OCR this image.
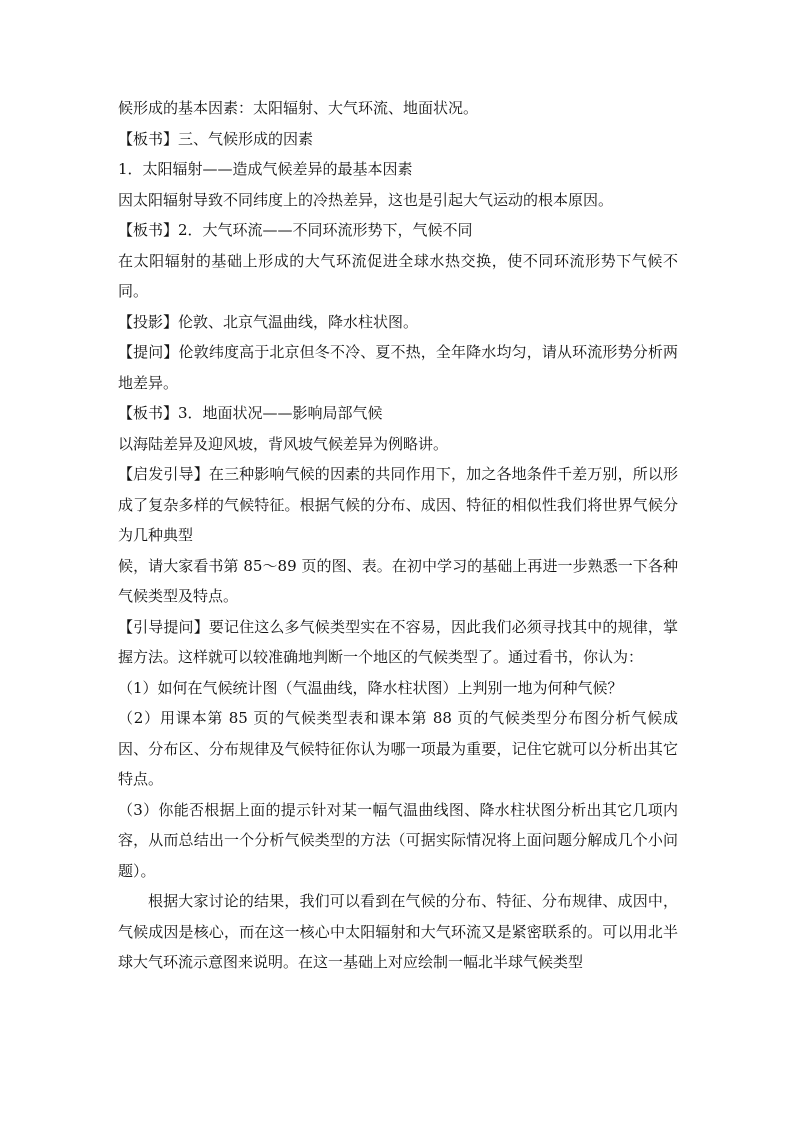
候形成的基本因素：太阳辐射、大气环流、地面状况。

【板书】三、气候形成的因素

1．太阳辐射——造成气候差异的最基本因素

因太阳辐射导致不同纬度上的冷热差异，这也是引起大气运动的根本原因。

【板书】2．大气环流——不同环流形势下，气候不同

在太阳辐射的基础上形成的大气环流促进全球水热交换，使不同环流形势下气候不同。

【投影】伦敦、北京气温曲线，降水柱状图。

【提问】伦敦纬度高于北京但冬不冷、夏不热，全年降水均匀，请从环流形势分析两地差异。

【板书】3．地面状况——影响局部气候

以海陆差异及迎风坡，背风坡气候差异为例略讲。

【启发引导】在三种影响气候的因素的共同作用下，加之各地条件千差万别，所以形成了复杂多样的气候特征。根据气候的分布、成因、特征的相似性我们将世界气候分为几种典型

候，请大家看书第 85～89 页的图、表。在初中学习的基础上再进一步熟悉一下各种气候类型及特点。

【引导提问】要记住这么多气候类型实在不容易，因此我们必须寻找其中的规律，掌握方法。这样就可以较准确地判断一个地区的气候类型了。通过看书，你认为：

（1）如何在气候统计图（气温曲线，降水柱状图）上判别一地为何种气候？

（2）用课本第 85 页的气候类型表和课本第 88 页的气候类型分布图分析气候成因、分布区、分布规律及气候特征你认为哪一项最为重要，记住它就可以分析出其它特点。

（3）你能否根据上面的提示针对某一幅气温曲线图、降水柱状图分析出其它几项内容，从而总结出一个分析气候类型的方法（可据实际情况将上面问题分解成几个小问题）。

根据大家讨论的结果，我们可以看到在气候的分布、特征、分布规律、成因中，气候成因是核心，而在这一核心中太阳辐射和大气环流又是紧密联系的。可以用北半球大气环流示意图来说明。在这一基础上对应绘制一幅北半球气候类型
